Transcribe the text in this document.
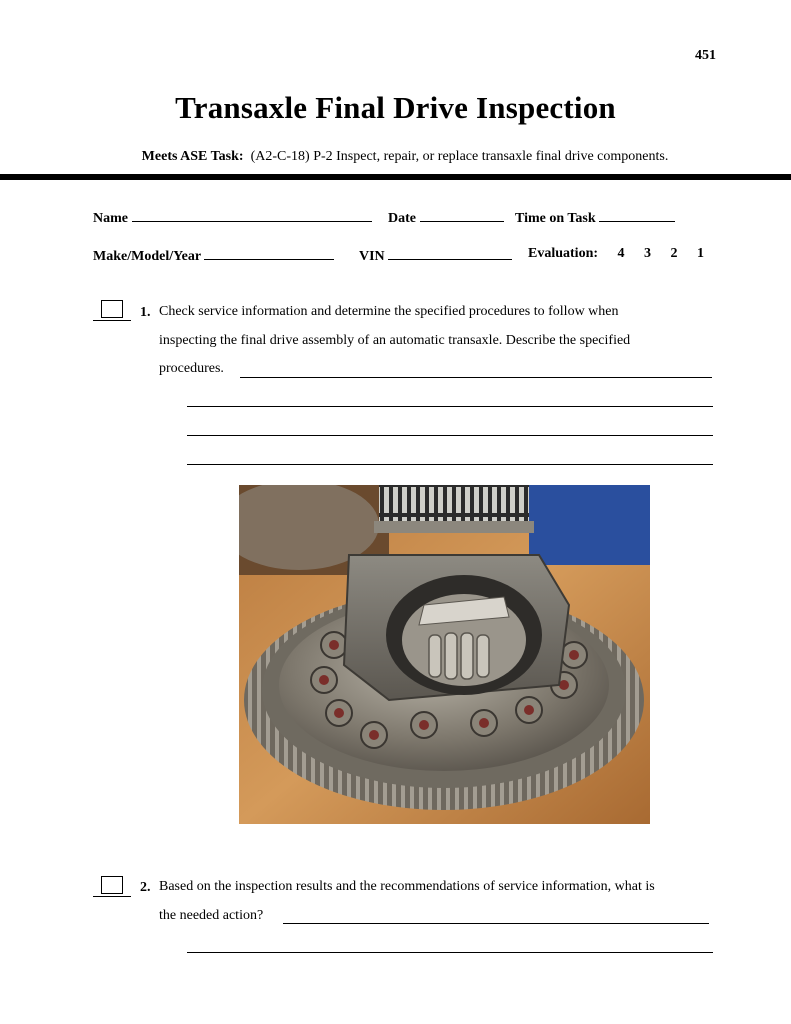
451
Transaxle Final Drive Inspection
Meets ASE Task: (A2-C-18) P-2 Inspect, repair, or replace transaxle final drive components.
Name	Date	Time on Task
Make/Model/Year	VIN	Evaluation: 4 3 2 1
1. Check service information and determine the specified procedures to follow when
inspecting the final drive assembly of an automatic transaxle. Describe the specified
procedures.
2. Based on the inspection results and the recommendations of service information, what is
the needed action?
